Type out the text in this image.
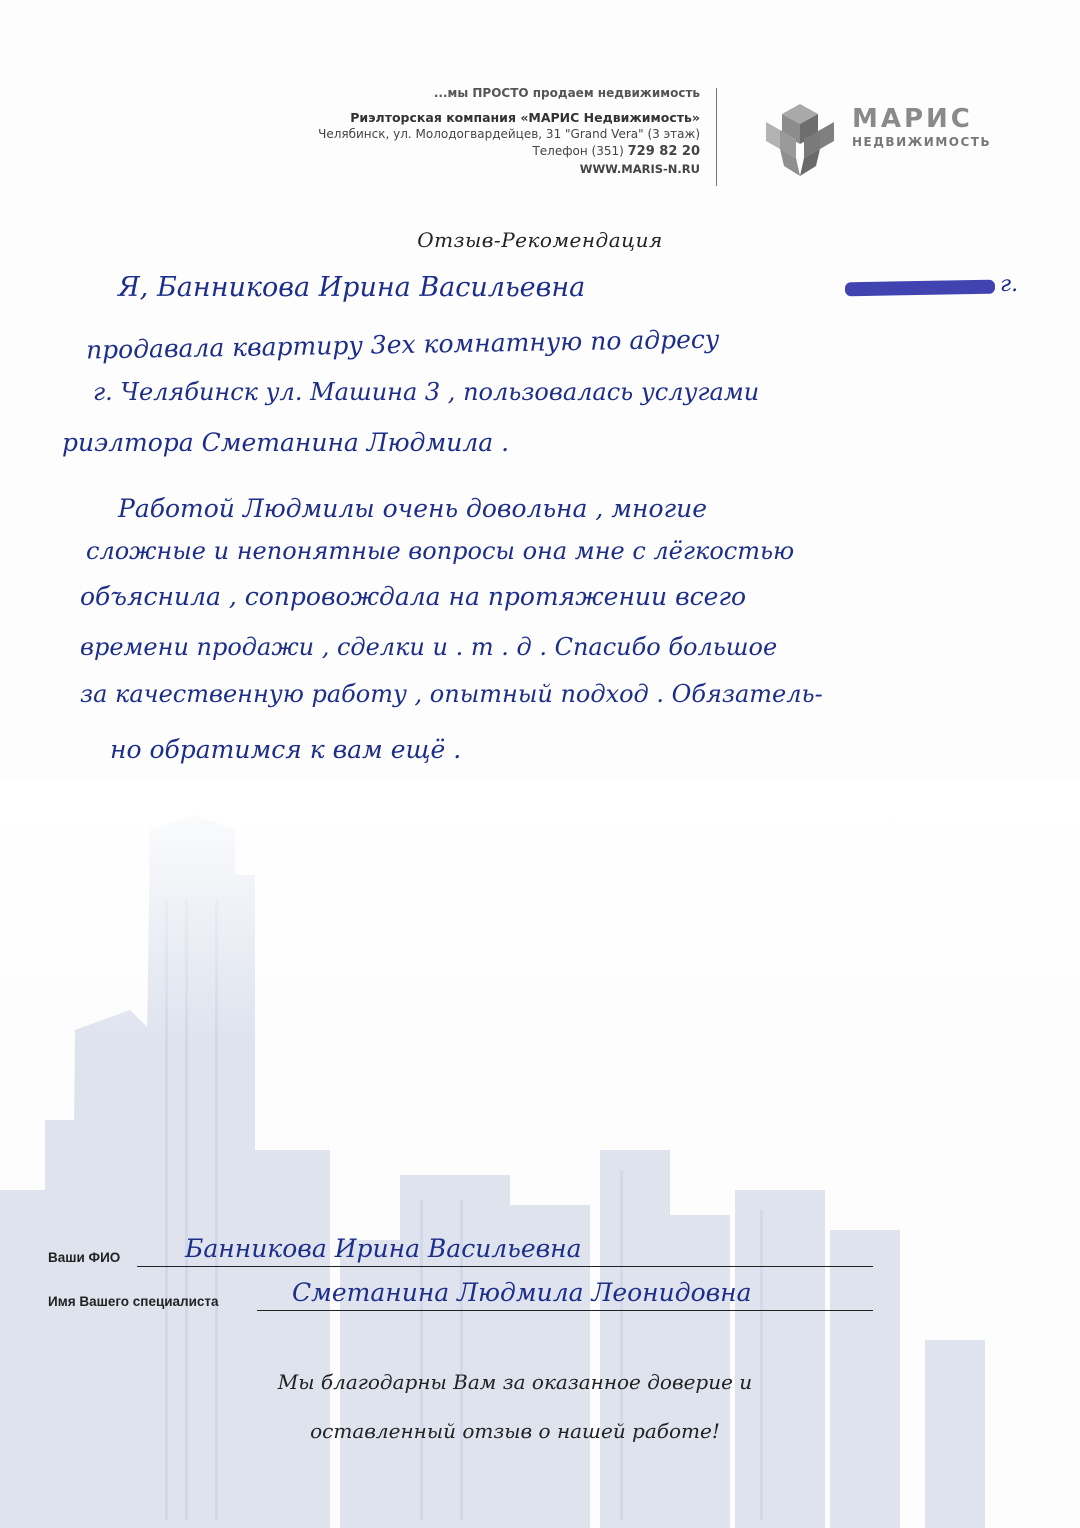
...мы ПРОСТО продаем недвижимость
Риэлторская компания «МАРИС Недвижимость»
Челябинск, ул. Молодогвардейцев, 31 "Grand Vera" (3 этаж)
Телефон (351) 729 82 20
WWW.MARIS-N.RU
МАРИС
НЕДВИЖИМОСТЬ
Отзыв-Рекомендация
Я, Банникова Ирина Васильевна	г.
продавала квартиру 3ех комнатную по адресу
г. Челябинск ул. Машина 3 , пользовалась услугами
риэлтора Сметанина Людмила .
Работой Людмилы очень довольна , многие
сложные и непонятные вопросы она мне с лёгкостью
объяснила , сопровождала на протяжении всего
времени продажи , сделки и . т . д . Спасибо большое
за качественную работу , опытный подход . Обязатель-
но обратимся к вам ещё .
Ваши ФИО	Банникова Ирина Васильевна
Имя Вашего специалиста	Сметанина Людмила Леонидовна
Мы благодарны Вам за оказанное доверие и
оставленный отзыв о нашей работе!
